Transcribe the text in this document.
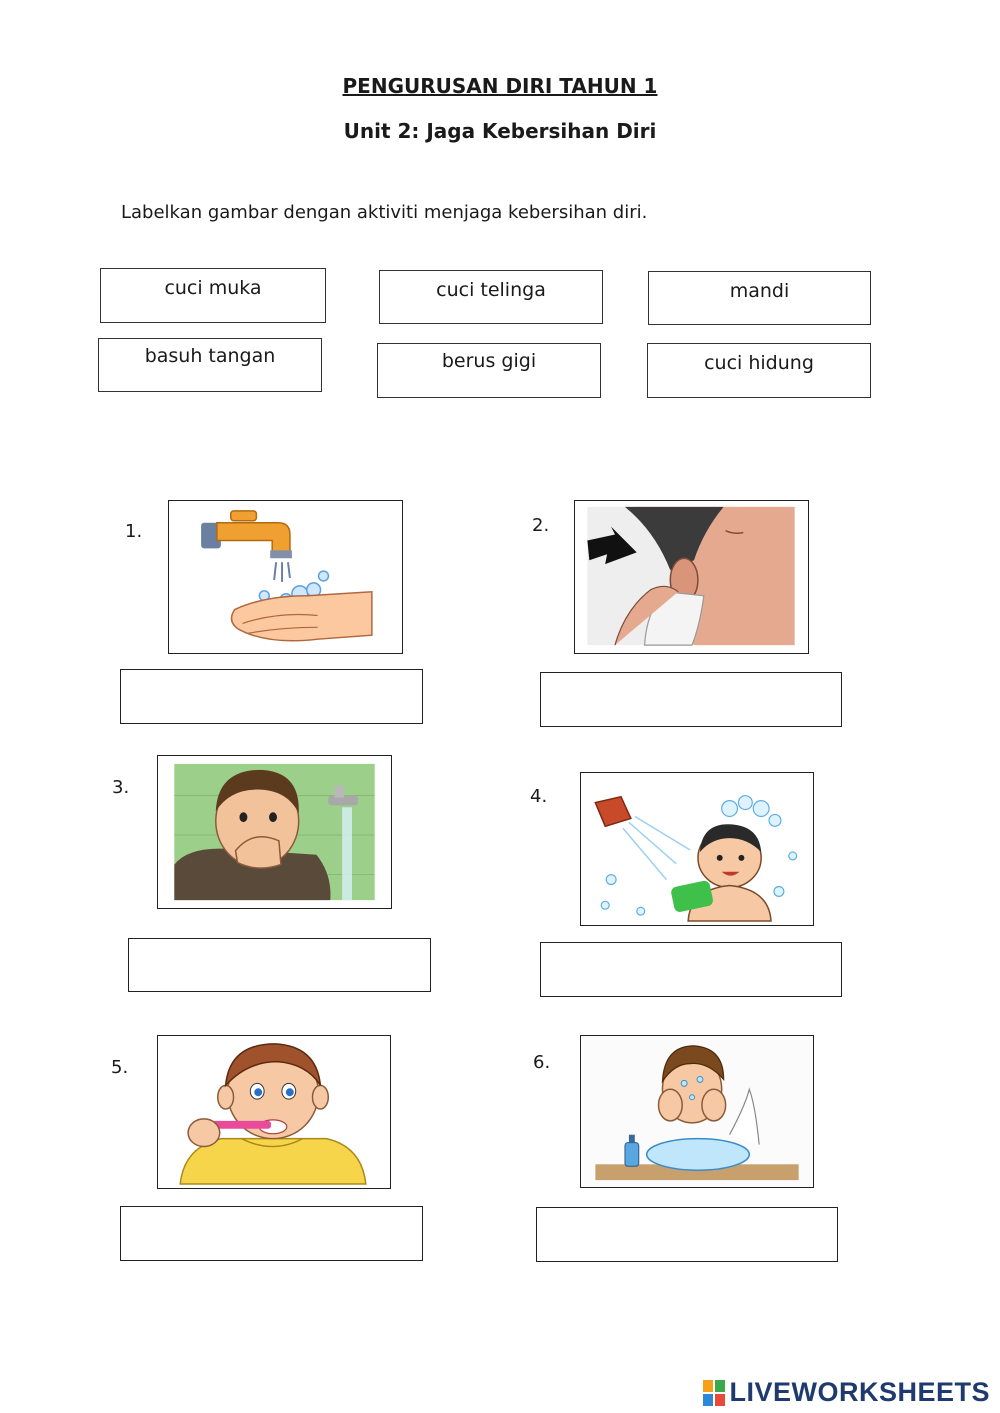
PENGURUSAN DIRI TAHUN 1
Unit 2: Jaga Kebersihan Diri
Labelkan gambar dengan aktiviti menjaga kebersihan diri.
cuci muka	cuci telinga	mandi
basuh tangan	berus gigi	cuci hidung
1.	2.
3.	4.
5.	6.
LIVEWORKSHEETS
